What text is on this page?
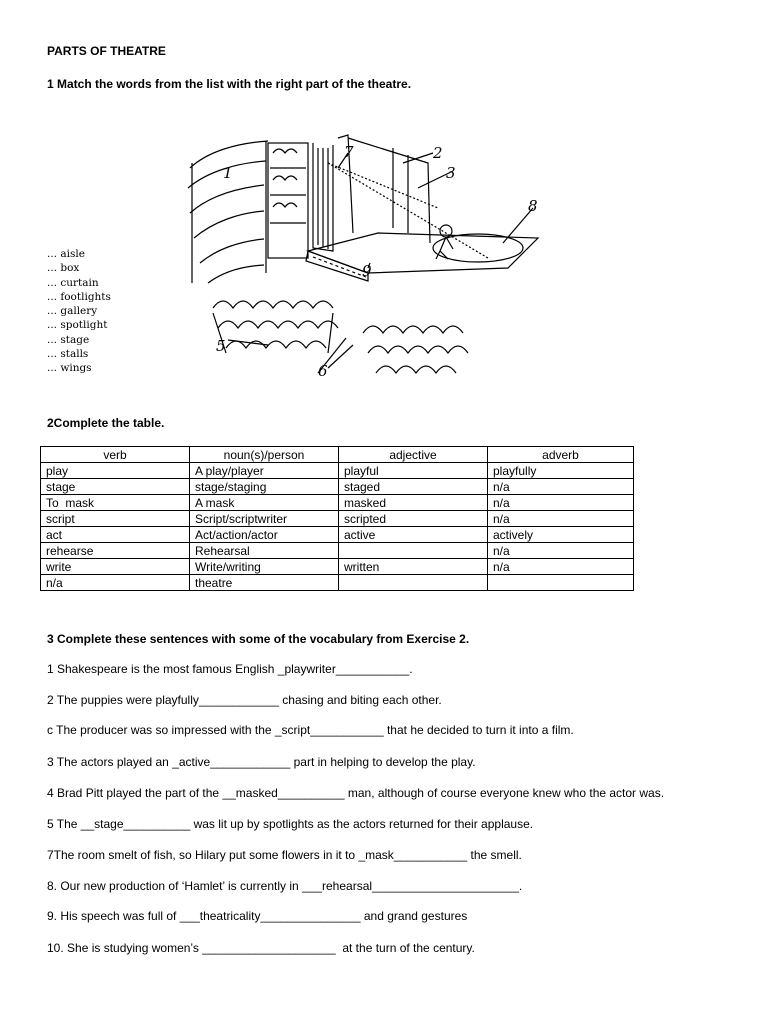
PARTS OF THEATRE
1 Match the words from the list with the right part of the theatre.
... aisle
... box
... curtain
... footlights
... gallery
... spotlight
... stage
... stalls
... wings
1
2
3
5
6
7
8
9
2Complete the table.
verb	noun(s)/person	adjective	adverb
play	A play/player	playful	playfully
stage	stage/staging	staged	n/a
To  mask	A mask	masked	n/a
script	Script/scriptwriter	scripted	n/a
act	Act/action/actor	active	actively
rehearse	Rehearsal		n/a
write	Write/writing	written	n/a
n/a	theatre		
3 Complete these sentences with some of the vocabulary from Exercise 2.
1 Shakespeare is the most famous English _playwriter___________.
2 The puppies were playfully____________ chasing and biting each other.
c The producer was so impressed with the _script___________ that he decided to turn it into a film.
3 The actors played an _active____________ part in helping to develop the play.
4 Brad Pitt played the part of the __masked__________ man, although of course everyone knew who the actor was.
5 The __stage__________ was lit up by spotlights as the actors returned for their applause.
7The room smelt of fish, so Hilary put some flowers in it to _mask___________ the smell.
8. Our new production of ‘Hamlet’ is currently in ___rehearsal______________________.
9. His speech was full of ___theatricality_______________ and grand gestures
10. She is studying women’s ____________________  at the turn of the century.
